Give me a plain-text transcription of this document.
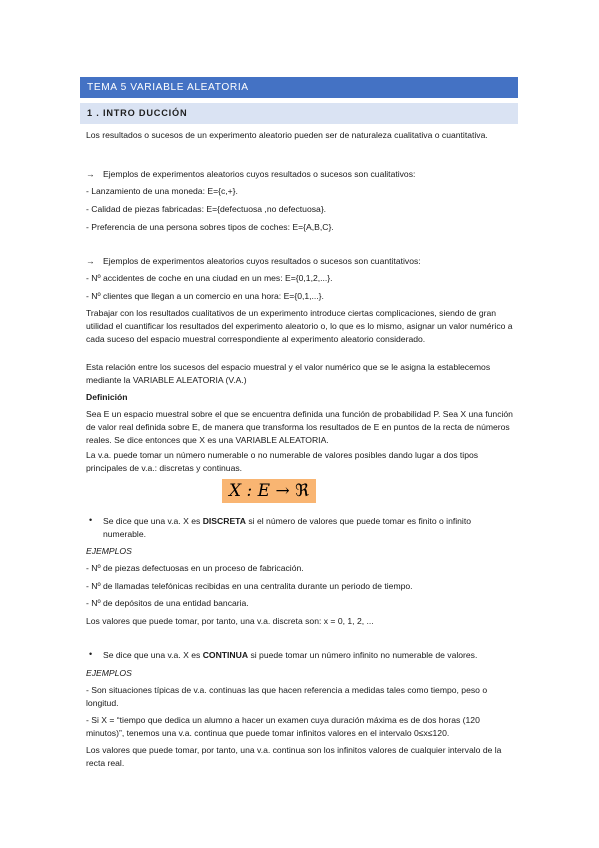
TEMA 5 VARIABLE ALEATORIA
1 . INTRO DUCCIÓN

Los resultados o sucesos de un experimento aleatorio pueden ser de naturaleza cualitativa o cuantitativa.

→ Ejemplos de experimentos aleatorios cuyos resultados o sucesos son cualitativos:

- Lanzamiento de una moneda: E={c,+}.

- Calidad de piezas fabricadas: E={defectuosa ,no defectuosa}.

- Preferencia de una persona sobres tipos de coches: E={A,B,C}.

→ Ejemplos de experimentos aleatorios cuyos resultados o sucesos son cuantitativos:

- Nº accidentes de coche en una ciudad en un mes: E={0,1,2,...}.

- Nº clientes que llegan a un comercio en una hora: E={0,1,...}.

Trabajar con los resultados cualitativos de un experimento introduce ciertas complicaciones, siendo de gran utilidad el cuantificar los resultados del experimento aleatorio o, lo que es lo mismo, asignar un valor numérico a cada suceso del espacio muestral correspondiente al experimento aleatorio considerado.

Esta relación entre los sucesos del espacio muestral y el valor numérico que se le asigna la establecemos mediante la VARIABLE ALEATORIA (V.A.)

Definición

Sea E un espacio muestral sobre el que se encuentra definida una función de probabilidad P. Sea X una función de valor real definida sobre E, de manera que transforma los resultados de E en puntos de la recta de números reales. Se dice entonces que X es una VARIABLE ALEATORIA.

La v.a. puede tomar un número numerable o no numerable de valores posibles dando lugar a dos tipos principales de v.a.: discretas y continuas.

X : E → ℜ
• Se dice que una v.a. X es DISCRETA si el número de valores que puede tomar es finito o infinito numerable.

EJEMPLOS

- Nº de piezas defectuosas en un proceso de fabricación.

- Nº de llamadas telefónicas recibidas en una centralita durante un periodo de tiempo.

- Nº de depósitos de una entidad bancaria.

Los valores que puede tomar, por tanto, una v.a. discreta son: x = 0, 1, 2, ...

• Se dice que una v.a. X es CONTINUA si puede tomar un número infinito no numerable de valores.

EJEMPLOS

- Son situaciones típicas de v.a. continuas las que hacen referencia a medidas tales como tiempo, peso o longitud.

- Si X = “tiempo que dedica un alumno a hacer un examen cuya duración máxima es de dos horas (120 minutos)”, tenemos una v.a. continua que puede tomar infinitos valores en el intervalo 0≤x≤120.

Los valores que puede tomar, por tanto, una v.a. continua son los infinitos valores de cualquier intervalo de la recta real.
